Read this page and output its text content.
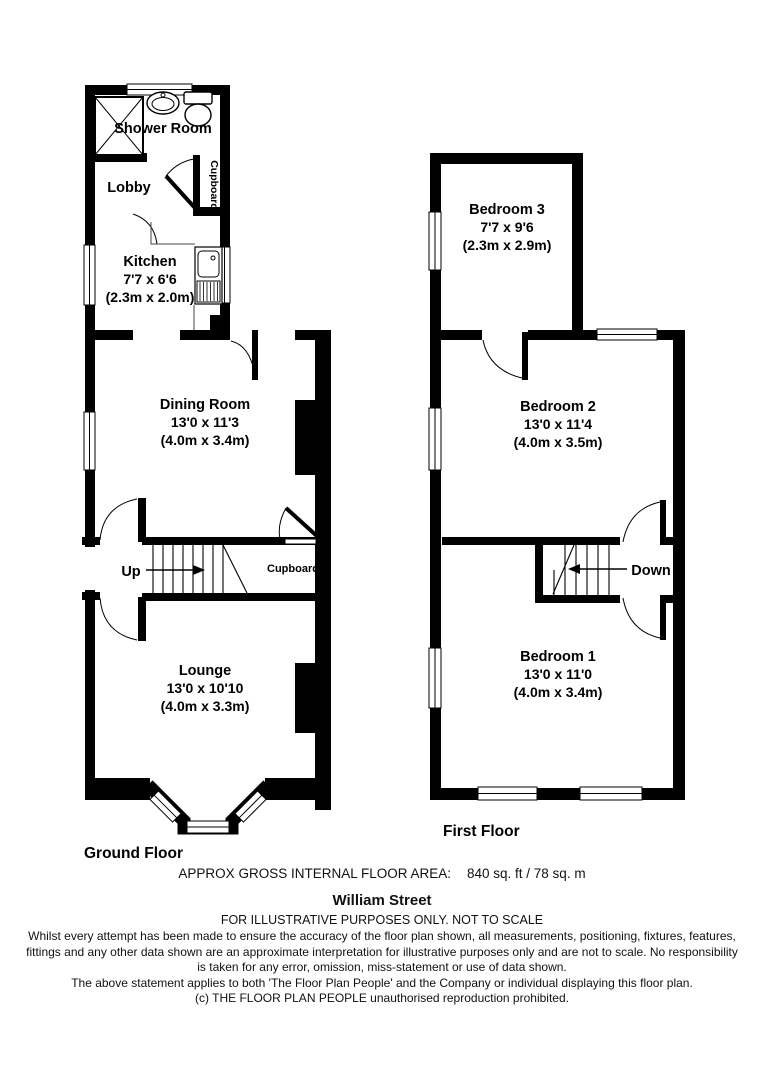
Shower Room
Lobby	Cupboard
Kitchen
7'7 x 6'6
(2.3m x 2.0m)
Dining Room
13'0 x 11'3
(4.0m x 3.4m)
Up	Cupboard
Lounge
13'0 x 10'10
(4.0m x 3.3m)
Ground Floor
Bedroom 3
7'7 x 9'6
(2.3m x 2.9m)
Bedroom 2
13'0 x 11'4
(4.0m x 3.5m)
Bedroom 1
13'0 x 11'0
(4.0m x 3.4m)
Down
First Floor
APPROX GROSS INTERNAL FLOOR AREA: 840 sq. ft / 78 sq. m
William Street
FOR ILLUSTRATIVE PURPOSES ONLY. NOT TO SCALE
Whilst every attempt has been made to ensure the accuracy of the floor plan shown, all measurements, positioning, fixtures, features,
fittings and any other data shown are an approximate interpretation for illustrative purposes only and are not to scale. No responsibility
is taken for any error, omission, miss-statement or use of data shown.
The above statement applies to both 'The Floor Plan People' and the Company or individual displaying this floor plan.
(c) THE FLOOR PLAN PEOPLE unauthorised reproduction prohibited.
